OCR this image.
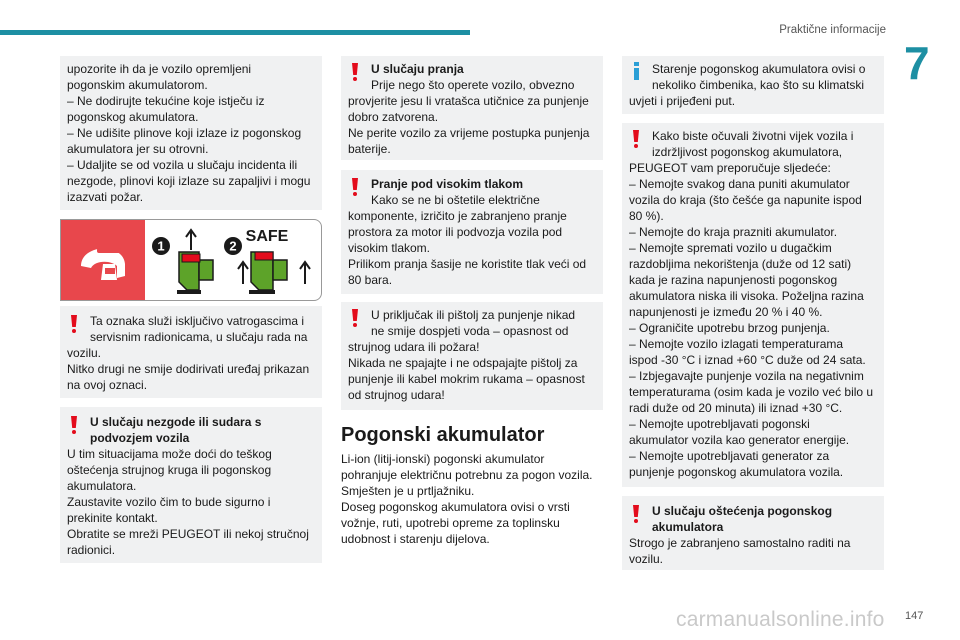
Praktične informacije
7

upozorite ih da je vozilo opremljeni
pogonskim akumulatorom.
– Ne dodirujte tekućine koje istječu iz
pogonskog akumulatora.
– Ne udišite plinove koji izlaze iz pogonskog
akumulatora jer su otrovni.
– Udaljite se od vozila u slučaju incidenta ili
nezgode, plinovi koji izlaze su zapaljivi i mogu
izazvati požar.

1	2
SAFE

Ta oznaka služi isključivo vatrogascima i
servisnim radionicama, u slučaju rada na

vozilu.
Nitko drugi ne smije dodirivati uređaj prikazan
na ovoj oznaci.

U slučaju nezgode ili sudara s
podvozjem vozila

U tim situacijama može doći do teškog
oštećenja strujnog kruga ili pogonskog
akumulatora.
Zaustavite vozilo čim to bude sigurno i
prekinite kontakt.
Obratite se mreži PEUGEOT ili nekoj stručnoj
radionici.

U slučaju pranja

Prije nego što operete vozilo, obvezno

provjerite jesu li vratašca utičnice za punjenje
dobro zatvorena.
Ne perite vozilo za vrijeme postupka punjenja
baterije.

Pranje pod visokim tlakom

Kako se ne bi oštetile električne

komponente, izričito je zabranjeno pranje
prostora za motor ili podvozja vozila pod
visokim tlakom.
Prilikom pranja šasije ne koristite tlak veći od
80 bara.

U priključak ili pištolj za punjenje nikad
ne smije dospjeti voda – opasnost od

strujnog udara ili požara!
Nikada ne spajajte i ne odspajajte pištolj za
punjenje ili kabel mokrim rukama – opasnost
od strujnog udara!

Pogonski akumulator
Li-ion (litij-ionski) pogonski akumulator
pohranjuje električnu potrebnu za pogon vozila.
Smješten je u prtljažniku.
Doseg pogonskog akumulatora ovisi o vrsti
vožnje, ruti, upotrebi opreme za toplinsku
udobnost i starenju dijelova.

Starenje pogonskog akumulatora ovisi o
nekoliko čimbenika, kao što su klimatski

uvjeti i prijeđeni put.

Kako biste očuvali životni vijek vozila i
izdržljivost pogonskog akumulatora,

PEUGEOT vam preporučuje sljedeće:
– Nemojte svakog dana puniti akumulator
vozila do kraja (što češće ga napunite ispod
80 %).
– Nemojte do kraja prazniti akumulator.
– Nemojte spremati vozilo u dugačkim
razdobljima nekorištenja (duže od 12 sati)
kada je razina napunjenosti pogonskog
akumulatora niska ili visoka. Poželjna razina
napunjenosti je između 20 % i 40 %.
– Ograničite upotrebu brzog punjenja.
– Nemojte vozilo izlagati temperaturama
ispod -30 °C i iznad +60 °C duže od 24 sata.
– Izbjegavajte punjenje vozila na negativnim
temperaturama (osim kada je vozilo već bilo u
radi duže od 20 minuta) ili iznad +30 °C.
– Nemojte upotrebljavati pogonski
akumulator vozila kao generator energije.
– Nemojte upotrebljavati generator za
punjenje pogonskog akumulatora vozila.

U slučaju oštećenja pogonskog
akumulatora

Strogo je zabranjeno samostalno raditi na
vozilu.

carmanualsonline.info 147
